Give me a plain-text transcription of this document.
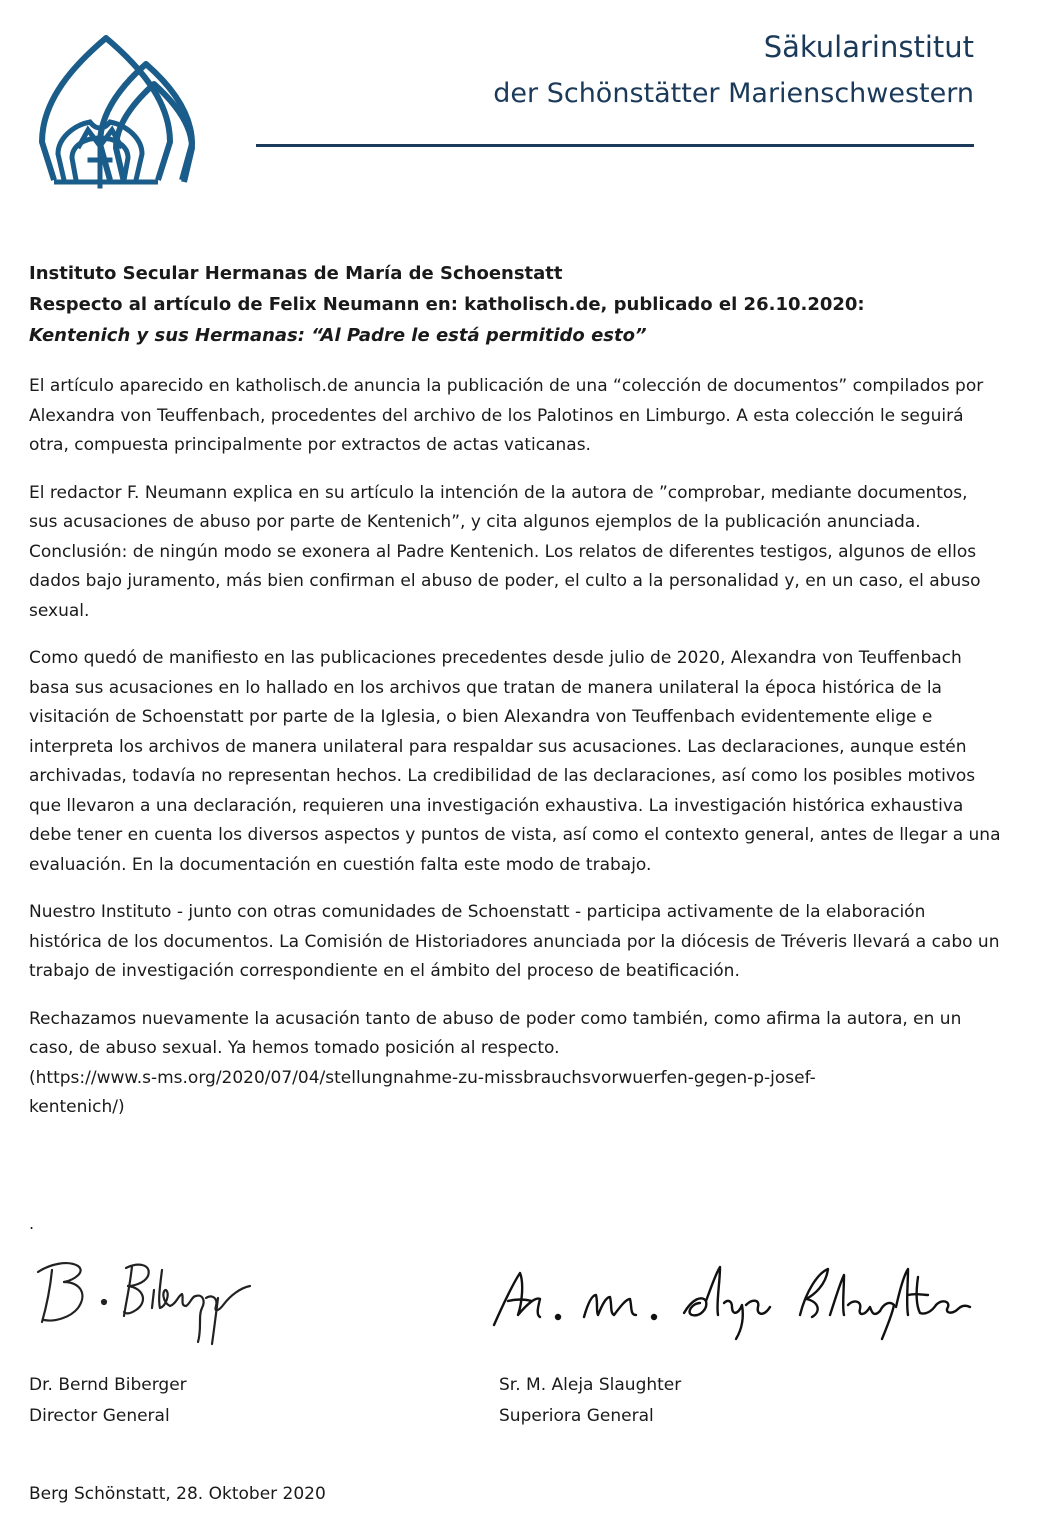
Säkularinstitut
der Schönstätter Marienschwestern
Instituto Secular Hermanas de María de Schoenstatt
Respecto al artículo de Felix Neumann en: katholisch.de, publicado el 26.10.2020:
Kentenich y sus Hermanas: “Al Padre le está permitido esto”

El artículo aparecido en katholisch.de anuncia la publicación de una “colección de documentos” compilados por Alexandra von Teuffenbach, procedentes del archivo de los Palotinos en Limburgo. A esta colección le seguirá otra, compuesta principalmente por extractos de actas vaticanas.

El redactor F. Neumann explica en su artículo la intención de la autora de ”comprobar, mediante documentos, sus acusaciones de abuso por parte de Kentenich”, y cita algunos ejemplos de la publicación anunciada. Conclusión: de ningún modo se exonera al Padre Kentenich. Los relatos de diferentes testigos, algunos de ellos dados bajo juramento, más bien confirman el abuso de poder, el culto a la personalidad y, en un caso, el abuso sexual.

Como quedó de manifiesto en las publicaciones precedentes desde julio de 2020, Alexandra von Teuffenbach basa sus acusaciones en lo hallado en los archivos que tratan de manera unilateral la época histórica de la visitación de Schoenstatt por parte de la Iglesia, o bien Alexandra von Teuffenbach evidentemente elige e interpreta los archivos de manera unilateral para respaldar sus acusaciones. Las declaraciones, aunque estén archivadas, todavía no representan hechos. La credibilidad de las declaraciones, así como los posibles motivos que llevaron a una declaración, requieren una investigación exhaustiva. La investigación histórica exhaustiva debe tener en cuenta los diversos aspectos y puntos de vista, así como el contexto general, antes de llegar a una evaluación. En la documentación en cuestión falta este modo de trabajo.

Nuestro Instituto - junto con otras comunidades de Schoenstatt - participa activamente de la elaboración histórica de los documentos. La Comisión de Historiadores anunciada por la diócesis de Tréveris llevará a cabo un trabajo de investigación correspondiente en el ámbito del proceso de beatificación.

Rechazamos nuevamente la acusación tanto de abuso de poder como también, como afirma la autora, en un caso, de abuso sexual. Ya hemos tomado posición al respecto.
(https://www.s-ms.org/2020/07/04/stellungnahme-zu-missbrauchsvorwuerfen-gegen-p-josef-
kentenich/)

.
Dr. Bernd Biberger
Director General
Sr. M. Aleja Slaughter
Superiora General
Berg Schönstatt, 28. Oktober 2020
